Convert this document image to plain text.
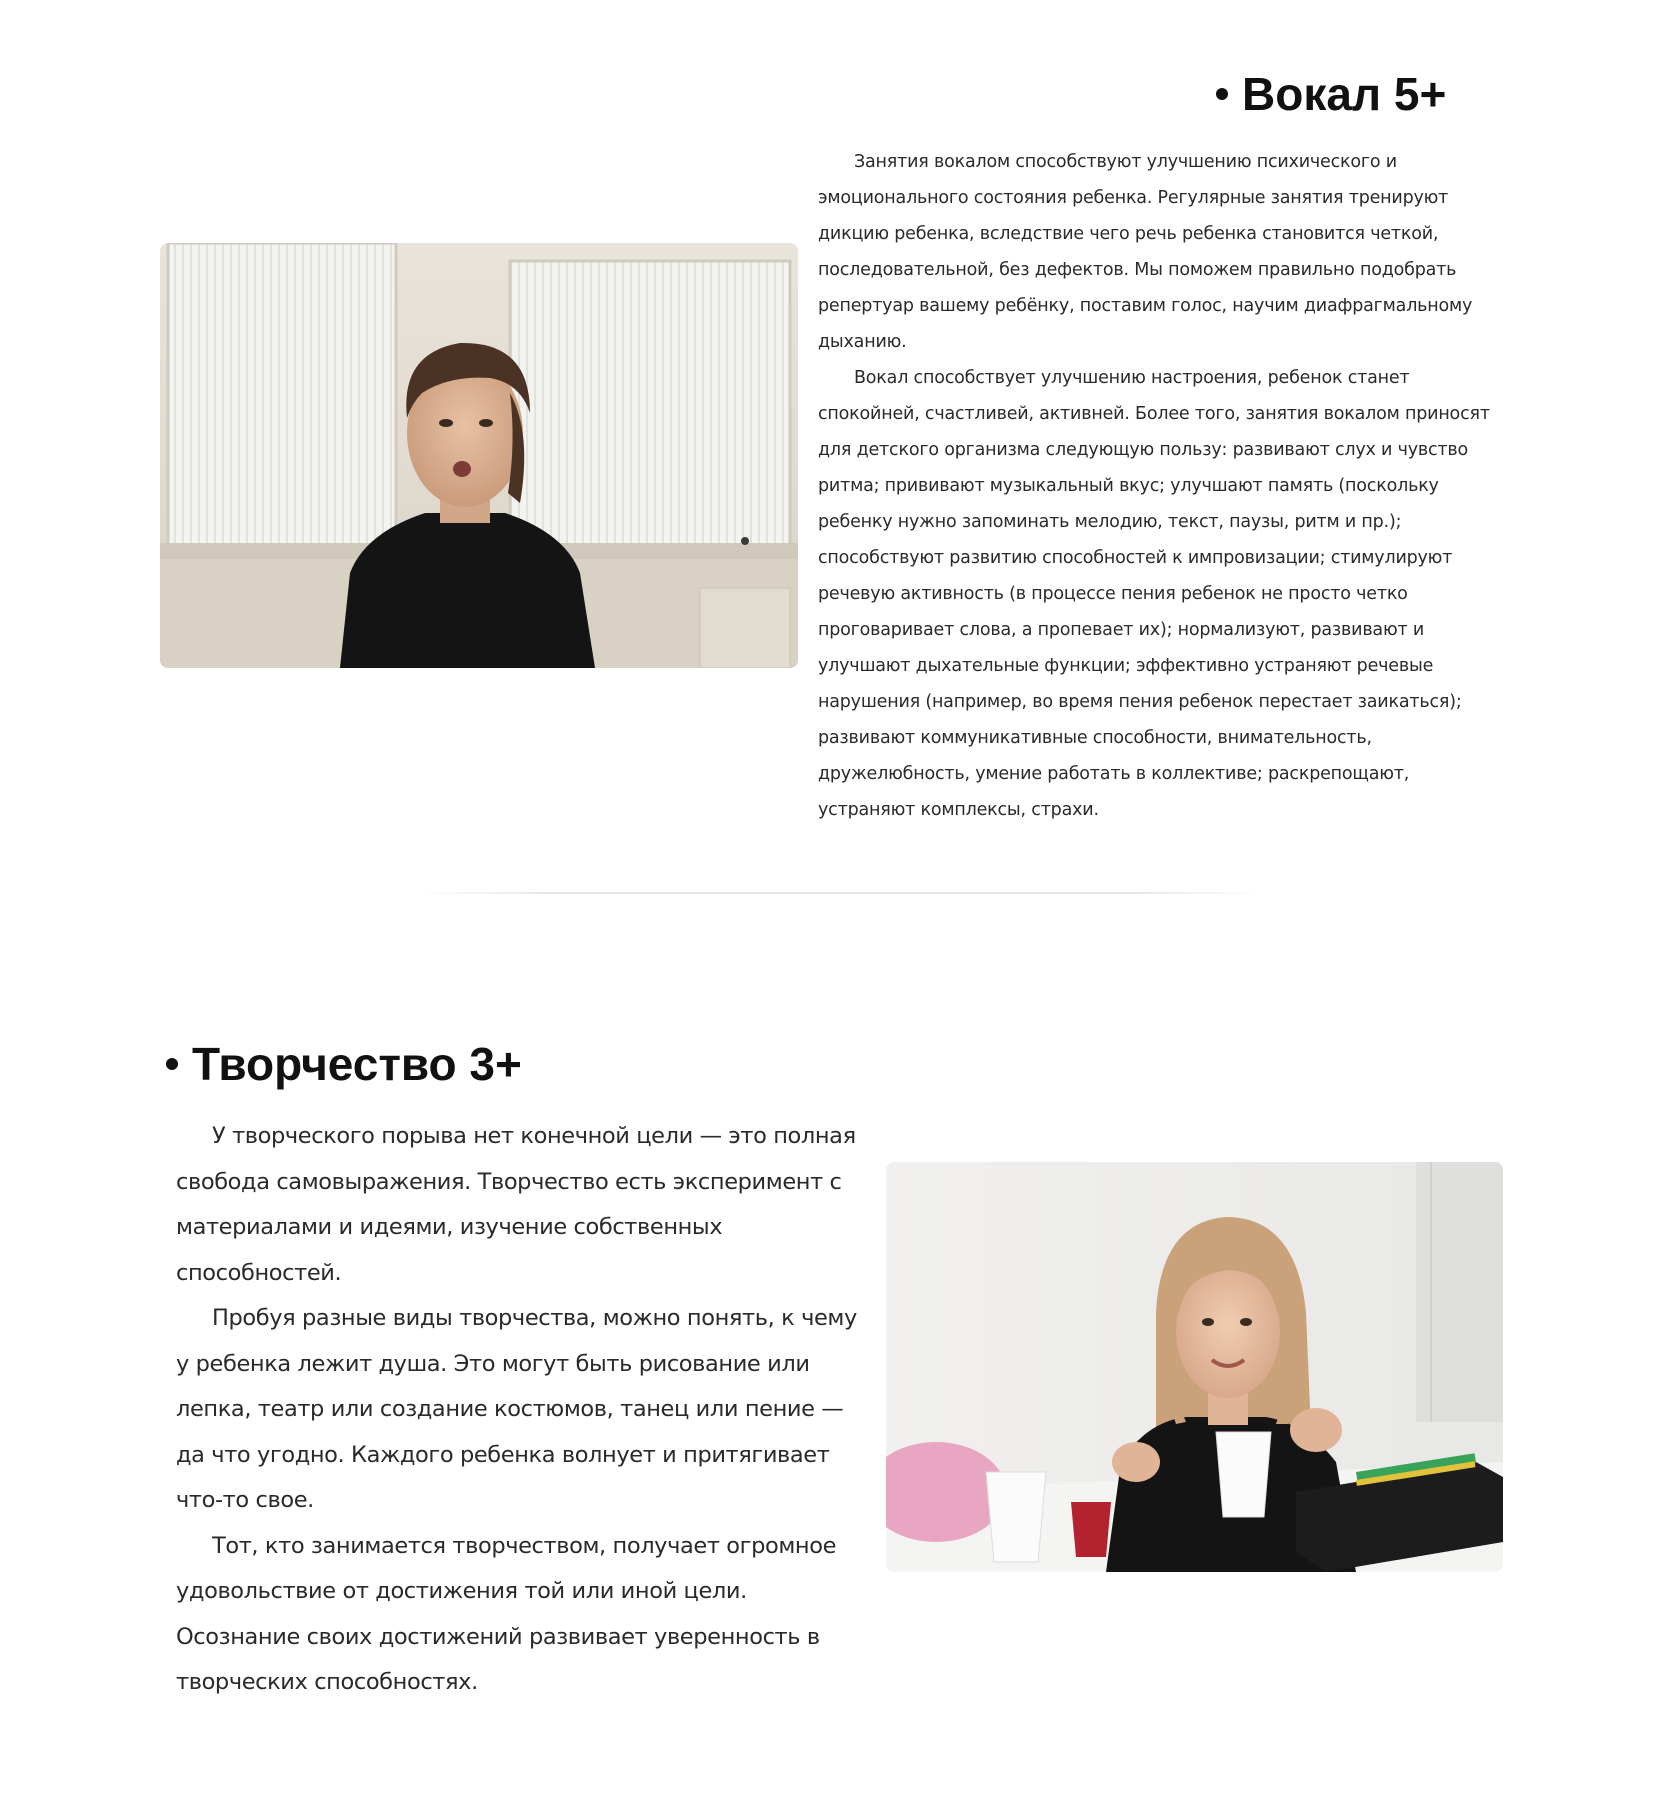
Вокал 5+

Занятия вокалом способствуют улучшению психического и эмоционального состояния ребенка. Регулярные занятия тренируют дикцию ребенка, вследствие чего речь ребенка становится четкой, последовательной, без дефектов. Мы поможем правильно подобрать репертуар вашему ребёнку, поставим голос, научим диафрагмальному дыханию.

Вокал способствует улучшению настроения, ребенок станет спокойней, счастливей, активней. Более того, занятия вокалом приносят для детского организма следующую пользу: развивают слух и чувство ритма; прививают музыкальный вкус; улучшают память (поскольку ребенку нужно запоминать мелодию, текст, паузы, ритм и пр.); способствуют развитию способностей к импровизации; стимулируют речевую активность (в процессе пения ребенок не просто четко проговаривает слова, а пропевает их); нормализуют, развивают и улучшают дыхательные функции; эффективно устраняют речевые нарушения (например, во время пения ребенок перестает заикаться); развивают коммуникативные способности, внимательность, дружелюбность, умение работать в коллективе; раскрепощают, устраняют комплексы, страхи.

Творчество 3+

У творческого порыва нет конечной цели — это полная свобода самовыражения. Творчество есть эксперимент с материалами и идеями, изучение собственных способностей.

Пробуя разные виды творчества, можно понять, к чему у ребенка лежит душа. Это могут быть рисование или лепка, театр или создание костюмов, танец или пение — да что угодно. Каждого ребенка волнует и притягивает что-то свое.

Тот, кто занимается творчеством, получает огромное удовольствие от достижения той или иной цели. Осознание своих достижений развивает уверенность в творческих способностях.
